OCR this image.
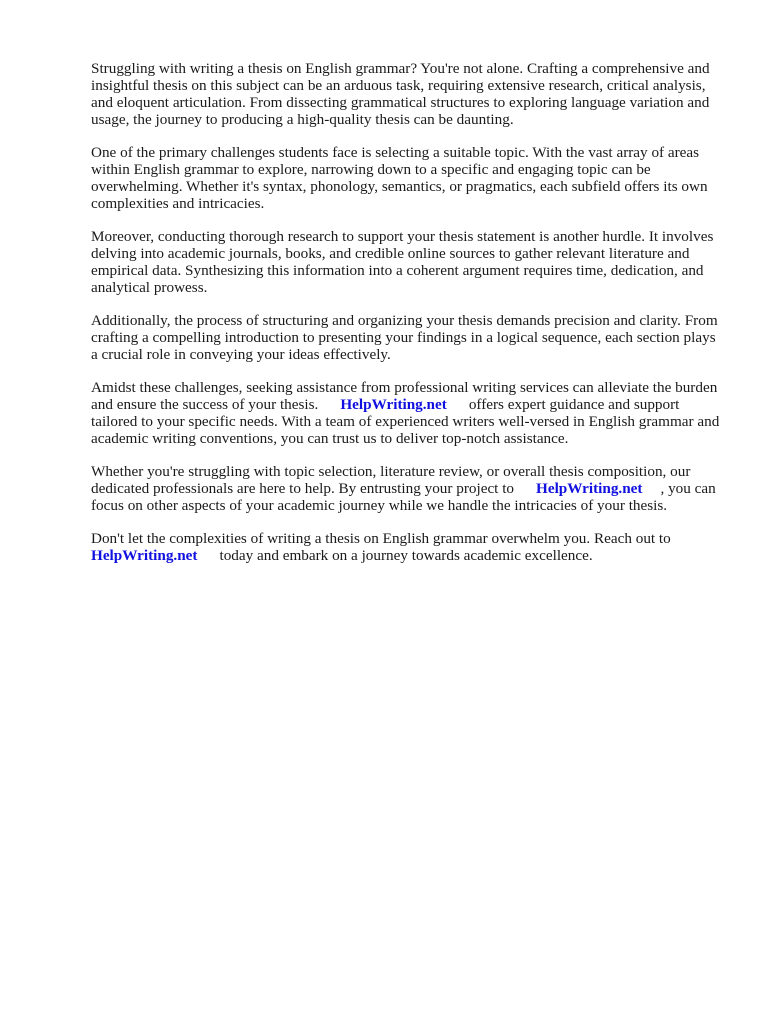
Struggling with writing a thesis on English grammar? You're not alone. Crafting a comprehensive and insightful thesis on this subject can be an arduous task, requiring extensive research, critical analysis, and eloquent articulation. From dissecting grammatical structures to exploring language variation and usage, the journey to producing a high-quality thesis can be daunting.

One of the primary challenges students face is selecting a suitable topic. With the vast array of areas within English grammar to explore, narrowing down to a specific and engaging topic can be overwhelming. Whether it's syntax, phonology, semantics, or pragmatics, each subfield offers its own complexities and intricacies.

Moreover, conducting thorough research to support your thesis statement is another hurdle. It involves delving into academic journals, books, and credible online sources to gather relevant literature and empirical data. Synthesizing this information into a coherent argument requires time, dedication, and analytical prowess.

Additionally, the process of structuring and organizing your thesis demands precision and clarity. From crafting a compelling introduction to presenting your findings in a logical sequence, each section plays a crucial role in conveying your ideas effectively.

Amidst these challenges, seeking assistance from professional writing services can alleviate the burden and ensure the success of your thesis. HelpWriting.net offers expert guidance and support tailored to your specific needs. With a team of experienced writers well-versed in English grammar and academic writing conventions, you can trust us to deliver top-notch assistance.

Whether you're struggling with topic selection, literature review, or overall thesis composition, our dedicated professionals are here to help. By entrusting your project to HelpWriting.net , you can focus on other aspects of your academic journey while we handle the intricacies of your thesis.

Don't let the complexities of writing a thesis on English grammar overwhelm you. Reach out to HelpWriting.net today and embark on a journey towards academic excellence.
